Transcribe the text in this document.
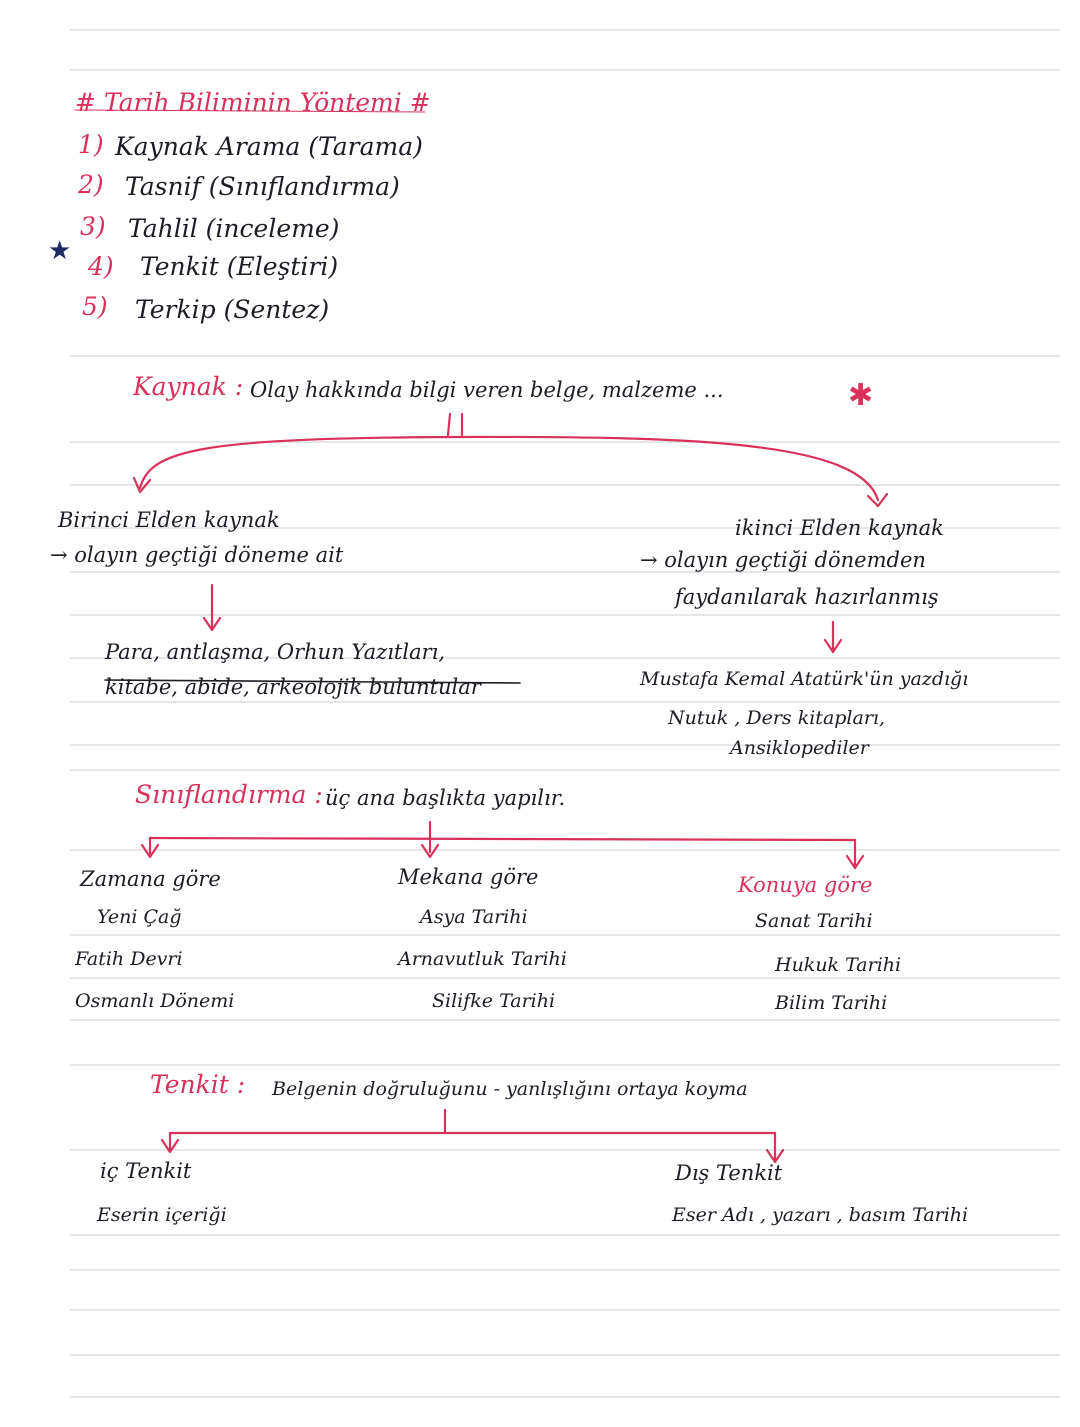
# Tarih Biliminin Yöntemi #
1) Kaynak Arama (Tarama)
2) Tasnif (Sınıflandırma)
3) Tahlil (inceleme)
★
4) Tenkit (Eleştiri)
5) Terkip (Sentez)
Kaynak : Olay hakkında bilgi veren belge, malzeme ...	✱
Birinci Elden kaynak
→ olayın geçtiği döneme ait
Para, antlaşma, Orhun Yazıtları,
kitabe, abide, arkeolojik buluntular
ikinci Elden kaynak
→ olayın geçtiği dönemden
faydanılarak hazırlanmış
Mustafa Kemal Atatürk'ün yazdığı
Nutuk , Ders kitapları,
Ansiklopediler
Sınıflandırma : üç ana başlıkta yapılır.
Zamana göre
Yeni Çağ
Fatih Devri
Osmanlı Dönemi
Mekana göre
Asya Tarihi
Arnavutluk Tarihi
Silifke Tarihi
Konuya göre
Sanat Tarihi
Hukuk Tarihi
Bilim Tarihi
Tenkit : Belgenin doğruluğunu - yanlışlığını ortaya koyma
iç Tenkit
Eserin içeriği
Dış Tenkit
Eser Adı , yazarı , basım Tarihi
